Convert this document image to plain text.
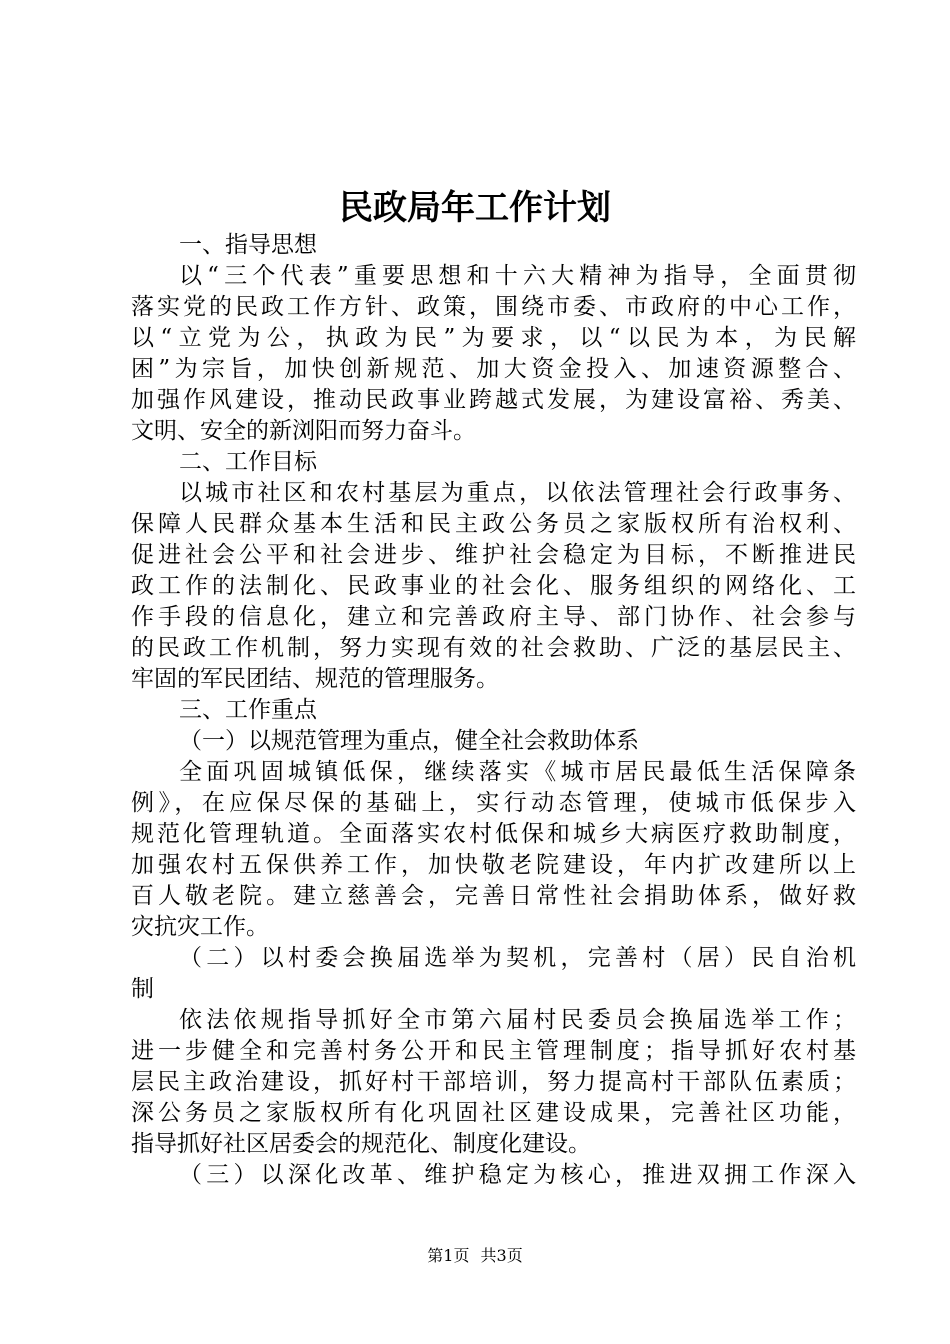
民政局年工作计划
一、指导思想
以“三个代表”重要思想和十六大精神为指导，全面贯彻
落实党的民政工作方针、政策，围绕市委、市政府的中心工作，
以“立党为公，执政为民”为要求，以“以民为本，为民解
困”为宗旨，加快创新规范、加大资金投入、加速资源整合、
加强作风建设，推动民政事业跨越式发展，为建设富裕、秀美、
文明、安全的新浏阳而努力奋斗。
二、工作目标
以城市社区和农村基层为重点，以依法管理社会行政事务、
保障人民群众基本生活和民主政公务员之家版权所有治权利、
促进社会公平和社会进步、维护社会稳定为目标，不断推进民
政工作的法制化、民政事业的社会化、服务组织的网络化、工
作手段的信息化，建立和完善政府主导、部门协作、社会参与
的民政工作机制，努力实现有效的社会救助、广泛的基层民主、
牢固的军民团结、规范的管理服务。
三、工作重点
（一）以规范管理为重点，健全社会救助体系
全面巩固城镇低保，继续落实《城市居民最低生活保障条
例》，在应保尽保的基础上，实行动态管理，使城市低保步入
规范化管理轨道。全面落实农村低保和城乡大病医疗救助制度，
加强农村五保供养工作，加快敬老院建设，年内扩改建所以上
百人敬老院。建立慈善会，完善日常性社会捐助体系，做好救
灾抗灾工作。
（二）以村委会换届选举为契机，完善村（居）民自治机
制
依法依规指导抓好全市第六届村民委员会换届选举工作；
进一步健全和完善村务公开和民主管理制度；指导抓好农村基
层民主政治建设，抓好村干部培训，努力提高村干部队伍素质；
深公务员之家版权所有化巩固社区建设成果，完善社区功能，
指导抓好社区居委会的规范化、制度化建设。
（三）以深化改革、维护稳定为核心，推进双拥工作深入
第1页 共3页
